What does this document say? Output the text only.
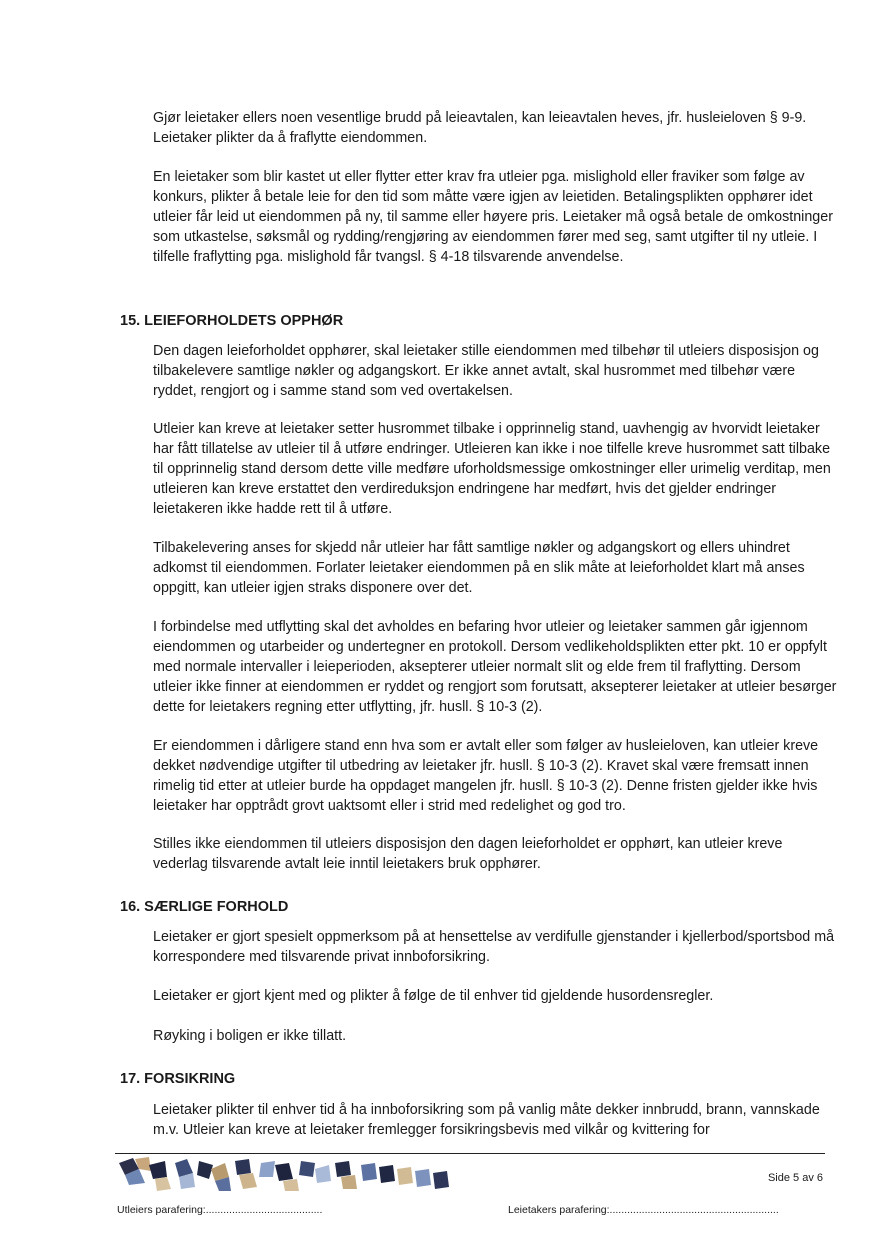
Gjør leietaker ellers noen vesentlige brudd på leieavtalen, kan leieavtalen heves, jfr. husleieloven § 9-9. Leietaker plikter da å fraflytte eiendommen.

En leietaker som blir kastet ut eller flytter etter krav fra utleier pga. mislighold eller fraviker som følge av konkurs, plikter å betale leie for den tid som måtte være igjen av leietiden. Betalingsplikten opphører idet utleier får leid ut eiendommen på ny, til samme eller høyere pris. Leietaker må også betale de omkostninger som utkastelse, søksmål og rydding/rengjøring av eiendommen fører med seg, samt utgifter til ny utleie. I tilfelle fraflytting pga. mislighold får tvangsl. § 4-18 tilsvarende anvendelse.

15. LEIEFORHOLDETS OPPHØR

Den dagen leieforholdet opphører, skal leietaker stille eiendommen med tilbehør til utleiers disposisjon og tilbakelevere samtlige nøkler og adgangskort. Er ikke annet avtalt, skal husrommet med tilbehør være ryddet, rengjort og i samme stand som ved overtakelsen.

Utleier kan kreve at leietaker setter husrommet tilbake i opprinnelig stand, uavhengig av hvorvidt leietaker har fått tillatelse av utleier til å utføre endringer. Utleieren kan ikke i noe tilfelle kreve husrommet satt tilbake til opprinnelig stand dersom dette ville medføre uforholdsmessige omkostninger eller urimelig verditap, men utleieren kan kreve erstattet den verdireduksjon endringene har medført, hvis det gjelder endringer leietakeren ikke hadde rett til å utføre.

Tilbakelevering anses for skjedd når utleier har fått samtlige nøkler og adgangskort og ellers uhindret adkomst til eiendommen. Forlater leietaker eiendommen på en slik måte at leieforholdet klart må anses oppgitt, kan utleier igjen straks disponere over det.

I forbindelse med utflytting skal det avholdes en befaring hvor utleier og leietaker sammen går igjennom eiendommen og utarbeider og undertegner en protokoll. Dersom vedlikeholdsplikten etter pkt. 10 er oppfylt med normale intervaller i leieperioden, aksepterer utleier normalt slit og elde frem til fraflytting. Dersom utleier ikke finner at eiendommen er ryddet og rengjort som forutsatt, aksepterer leietaker at utleier besørger dette for leietakers regning etter utflytting, jfr. husll. § 10-3 (2).

Er eiendommen i dårligere stand enn hva som er avtalt eller som følger av husleieloven, kan utleier kreve dekket nødvendige utgifter til utbedring av leietaker jfr. husll. § 10-3 (2). Kravet skal være fremsatt innen rimelig tid etter at utleier burde ha oppdaget mangelen jfr. husll. § 10-3 (2). Denne fristen gjelder ikke hvis leietaker har opptrådt grovt uaktsomt eller i strid med redelighet og god tro.

Stilles ikke eiendommen til utleiers disposisjon den dagen leieforholdet er opphørt, kan utleier kreve vederlag tilsvarende avtalt leie inntil leietakers bruk opphører.

16. SÆRLIGE FORHOLD

Leietaker er gjort spesielt oppmerksom på at hensettelse av verdifulle gjenstander i kjellerbod/sportsbod må korrespondere med tilsvarende privat innboforsikring.

Leietaker er gjort kjent med og plikter å følge de til enhver tid gjeldende husordensregler.

Røyking i boligen er ikke tillatt.

17. FORSIKRING

Leietaker plikter til enhver tid å ha innboforsikring som på vanlig måte dekker innbrudd, brann, vannskade m.v. Utleier kan kreve at leietaker fremlegger forsikringsbevis med vilkår og kvittering for

Side 5 av 6
Utleiers parafering:........................................	Leietakers parafering:..........................................................
